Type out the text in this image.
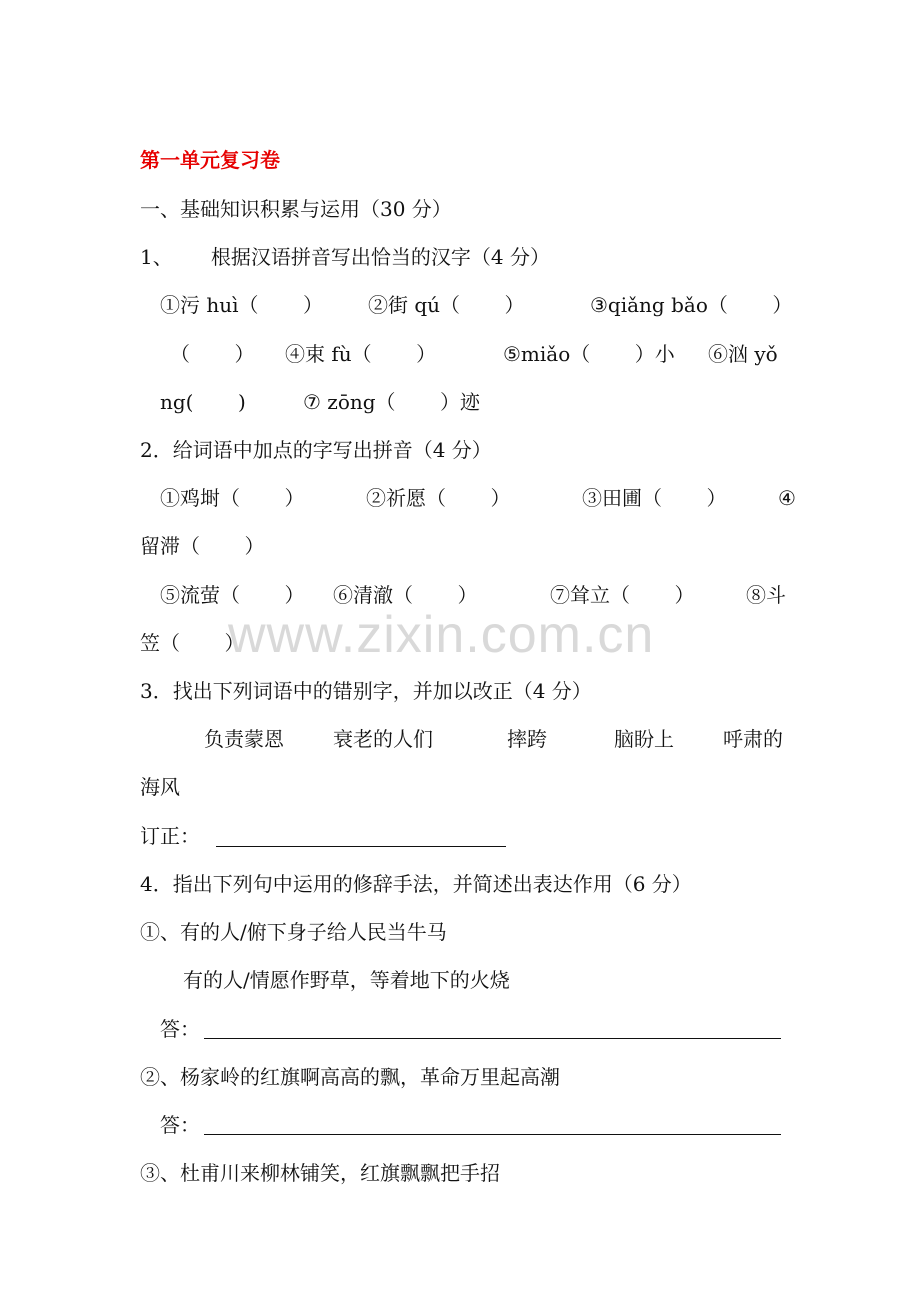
第一单元复习卷
一、基础知识积累与运用（30 分）
1、      根据汉语拼音写出恰当的汉字（4 分）
①污 huì（       ） ②街 qú（       ）	③qiǎng bǎo（       ）
（       ） ④束 fù（       ）	⑤miǎo（       ）小 ⑥汹 yǒ
ng(       )	⑦ zōng（       ）迹
2．给词语中加点的字写出拼音（4 分）
①鸡埘（       ）	②祈愿（       ）	③田圃（       ）	④
留滞（       ）
⑤流萤（       ） ⑥清澈（       ）	⑦耸立（       ）	⑧斗
笠（       ）
3．找出下列词语中的错别字，并加以改正（4 分）
负责蒙恩 衰老的人们	摔跨	脑盼上 呼肃的
海风
订正：
4．指出下列句中运用的修辞手法，并简述出表达作用（6 分）
①、有的人/俯下身子给人民当牛马
有的人/情愿作野草，等着地下的火烧
答：
②、杨家岭的红旗啊高高的飘，革命万里起高潮
答：
③、杜甫川来柳林铺笑，红旗飘飘把手招
www.zixin.com.cn
